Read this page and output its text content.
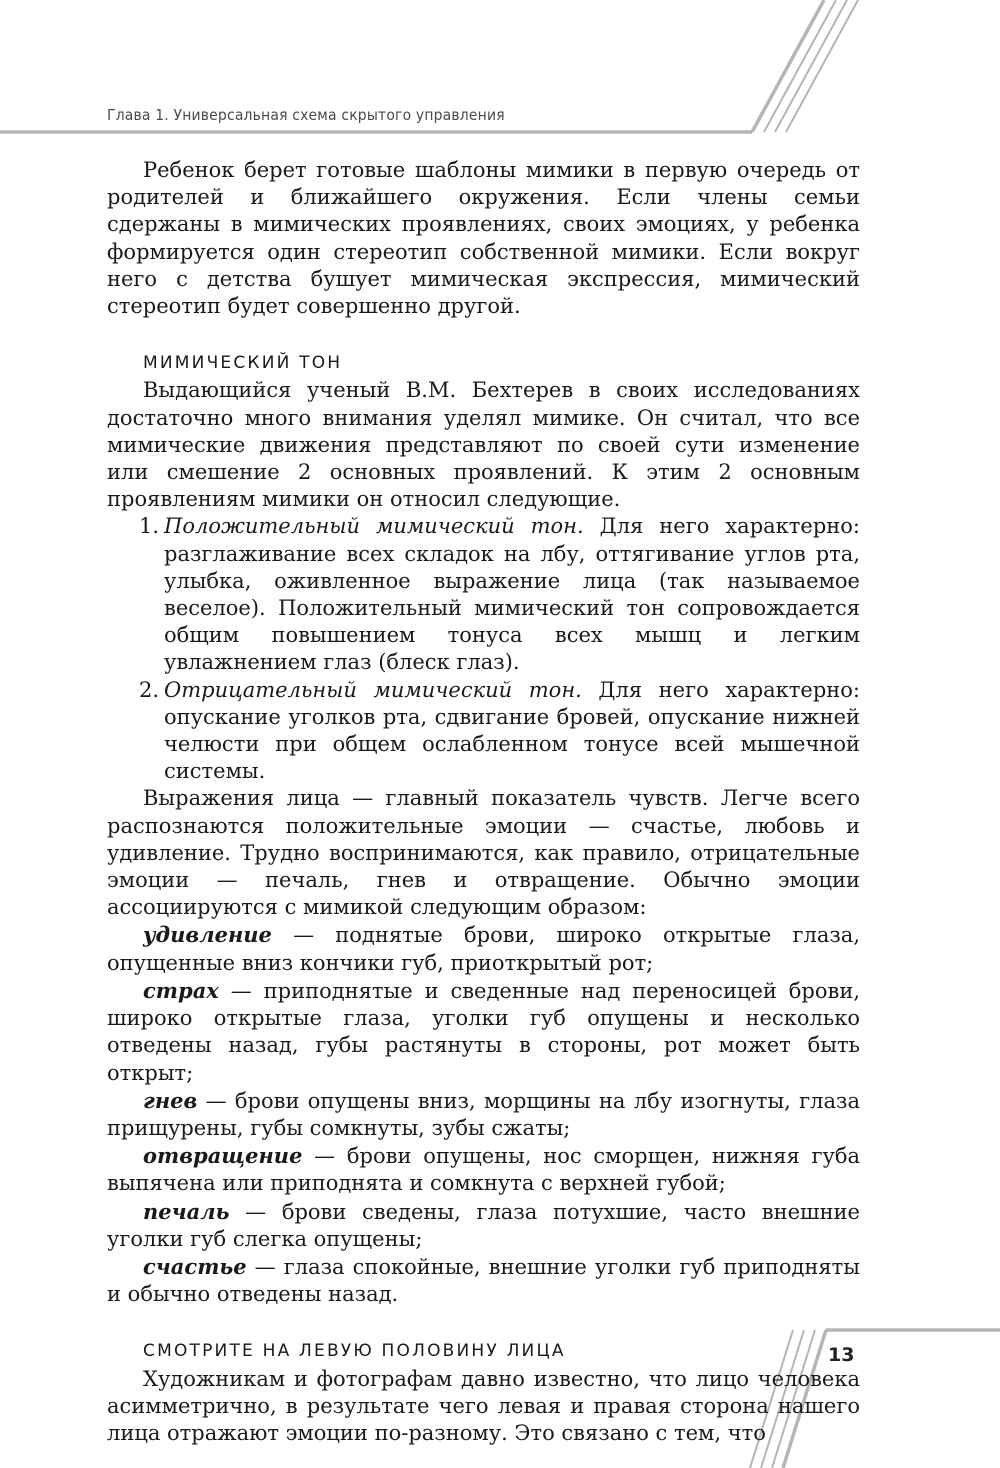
Глава 1. Универсальная схема скрытого управления

Ребенок берет готовые шаблоны мимики в первую очередь от родителей и ближайшего окружения. Если члены семьи сдержаны в мимических проявлениях, своих эмоциях, у ребенка формируется один стереотип собственной мимики. Если вокруг него с детства бушует мимическая экспрессия, мимический стереотип будет совершенно другой.

МИМИЧЕСКИЙ ТОН

Выдающийся ученый В.М. Бехтерев в своих исследованиях достаточно много внимания уделял мимике. Он считал, что все мимические движения представляют по своей сути изменение или смешение 2 основных проявлений. К этим 2 основным проявлениям мимики он относил следующие.

1. Положительный мимический тон. Для него характерно: разглаживание всех складок на лбу, оттягивание углов рта, улыбка, оживленное выражение лица (так называемое веселое). Положительный мимический тон сопровождается общим повышением тонуса всех мышц и легким увлажнением глаз (блеск глаз).
2. Отрицательный мимический тон. Для него характерно: опускание уголков рта, сдвигание бровей, опускание нижней челюсти при общем ослабленном тонусе всей мышечной системы.

Выражения лица — главный показатель чувств. Легче всего распознаются положительные эмоции — счастье, любовь и удивление. Трудно воспринимаются, как правило, отрицательные эмоции — печаль, гнев и отвращение. Обычно эмоции ассоциируются с мимикой следующим образом:

удивление — поднятые брови, широко открытые глаза, опущенные вниз кончики губ, приоткрытый рот;

страх — приподнятые и сведенные над переносицей брови, широко открытые глаза, уголки губ опущены и несколько отведены назад, губы растянуты в стороны, рот может быть открыт;

гнев — брови опущены вниз, морщины на лбу изогнуты, глаза прищурены, губы сомкнуты, зубы сжаты;

отвращение — брови опущены, нос сморщен, нижняя губа выпячена или приподнята и сомкнута с верхней губой;

печаль — брови сведены, глаза потухшие, часто внешние уголки губ слегка опущены;

счастье — глаза спокойные, внешние уголки губ приподняты и обычно отведены назад.

СМОТРИТЕ НА ЛЕВУЮ ПОЛОВИНУ ЛИЦА

Художникам и фотографам давно известно, что лицо человека асимметрично, в результате чего левая и правая сторона нашего лица отражают эмоции по-разному. Это связано с тем, что

13
